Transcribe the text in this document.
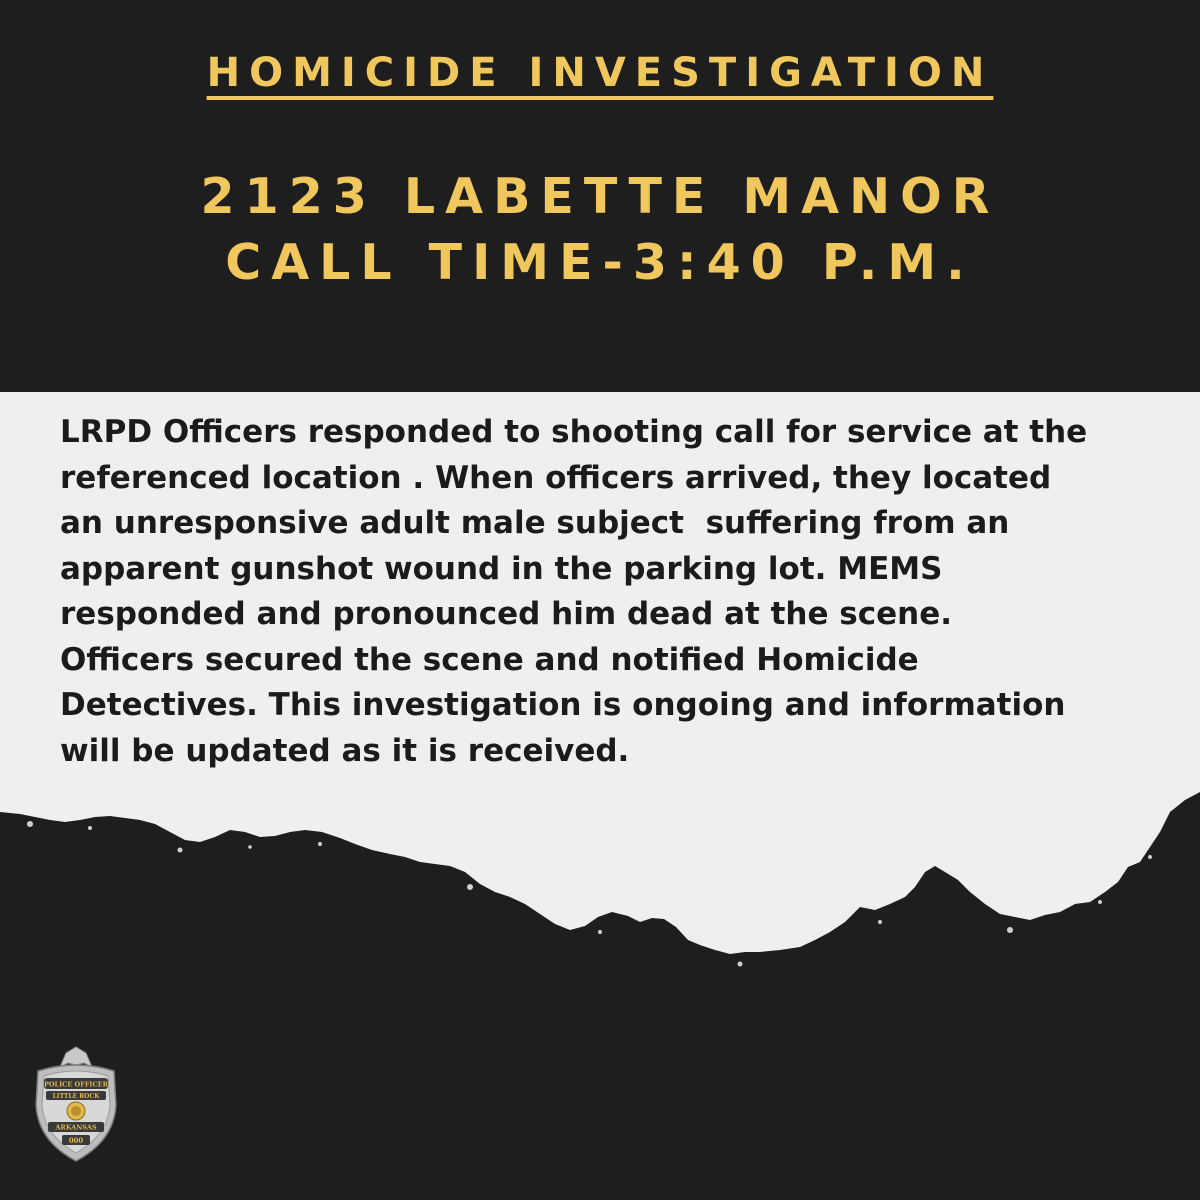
HOMICIDE INVESTIGATION
2123 LABETTE MANOR
CALL TIME-3:40 P.M.
LRPD Officers responded to shooting call for service at the
referenced location . When officers arrived, they located
an unresponsive adult male subject  suffering from an
apparent gunshot wound in the parking lot. MEMS
responded and pronounced him dead at the scene.
Officers secured the scene and notified Homicide
Detectives. This investigation is ongoing and information
will be updated as it is received.
POLICE OFFICER
LITTLE ROCK
ARKANSAS
000
